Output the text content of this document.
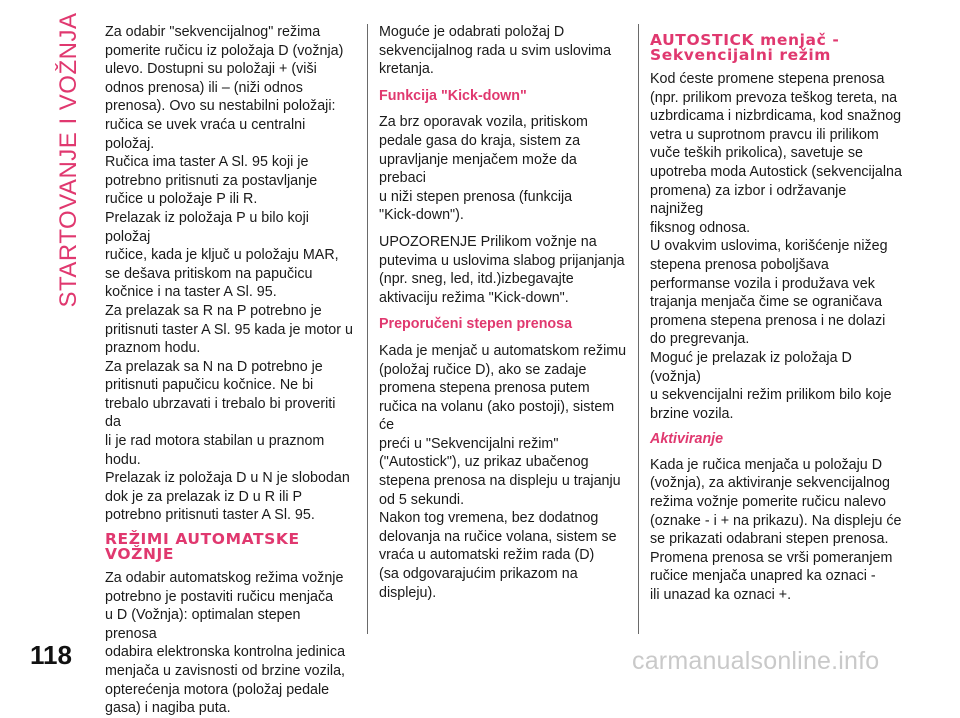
STARTOVANJE I VOŽNJA Za odabir "sekvencijalnog" režima
pomerite ručicu iz položaja D (vožnja)
ulevo. Dostupni su položaji + (viši
odnos prenosa) ili – (niži odnos
prenosa). Ovo su nestabilni položaji:
ručica se uvek vraća u centralni položaj.
Ručica ima taster A Sl. 95 koji je
potrebno pritisnuti za postavljanje
ručice u položaje P ili R.
Prelazak iz položaja P u bilo koji položaj
ručice, kada je ključ u položaju MAR,
se dešava pritiskom na papučicu
kočnice i na taster A Sl. 95.
Za prelazak sa R na P potrebno je
pritisnuti taster A Sl. 95 kada je motor u
praznom hodu.
Za prelazak sa N na D potrebno je
pritisnuti papučicu kočnice. Ne bi
trebalo ubrzavati i trebalo bi proveriti da
li je rad motora stabilan u praznom
hodu.
Prelazak iz položaja D u N je slobodan
dok je za prelazak iz D u R ili P
potrebno pritisnuti taster A Sl. 95.

REŽIMI AUTOMATSKE
VOŽNJE

Za odabir automatskog režima vožnje
potrebno je postaviti ručicu menjača
u D (Vožnja): optimalan stepen prenosa
odabira elektronska kontrolna jedinica
menjača u zavisnosti od brzine vozila,
opterećenja motora (položaj pedale
gasa) i nagiba puta.

Moguće je odabrati položaj D
sekvencijalnog rada u svim uslovima
kretanja.

Funkcija "Kick-down"

Za brz oporavak vozila, pritiskom
pedale gasa do kraja, sistem za
upravljanje menjačem može da prebaci
u niži stepen prenosa (funkcija
"Kick-down").

UPOZORENJE Prilikom vožnje na
putevima u uslovima slabog prijanjanja
(npr. sneg, led, itd.)izbegavajte
aktivaciju režima "Kick-down".

Preporučeni stepen prenosa

Kada je menjač u automatskom režimu
(položaj ručice D), ako se zadaje
promena stepena prenosa putem
ručica na volanu (ako postoji), sistem će
preći u "Sekvencijalni režim"
("Autostick"), uz prikaz ubačenog
stepena prenosa na displeju u trajanju
od 5 sekundi.
Nakon tog vremena, bez dodatnog
delovanja na ručice volana, sistem se
vraća u automatski režim rada (D)
(sa odgovarajućim prikazom na
displeju).

AUTOSTICK menjač -
Sekvencijalni režim

Kod ćeste promene stepena prenosa
(npr. prilikom prevoza teškog tereta, na
uzbrdicama i nizbrdicama, kod snažnog
vetra u suprotnom pravcu ili prilikom
vuče teških prikolica), savetuje se
upotreba moda Autostick (sekvencijalna
promena) za izbor i održavanje najnižeg
fiksnog odnosa.
U ovakvim uslovima, korišćenje nižeg
stepena prenosa poboljšava
performanse vozila i produžava vek
trajanja menjača čime se ograničava
promena stepena prenosa i ne dolazi
do pregrevanja.
Moguć je prelazak iz položaja D (vožnja)
u sekvencijalni režim prilikom bilo koje
brzine vozila.

Aktiviranje

Kada je ručica menjača u položaju D
(vožnja), za aktiviranje sekvencijalnog
režima vožnje pomerite ručicu nalevo
(oznake - i + na prikazu). Na displeju će
se prikazati odabrani stepen prenosa.
Promena prenosa se vrši pomeranjem
ručice menjača unapred ka oznaci -
ili unazad ka oznaci +.

118	carmanualsonline.info
